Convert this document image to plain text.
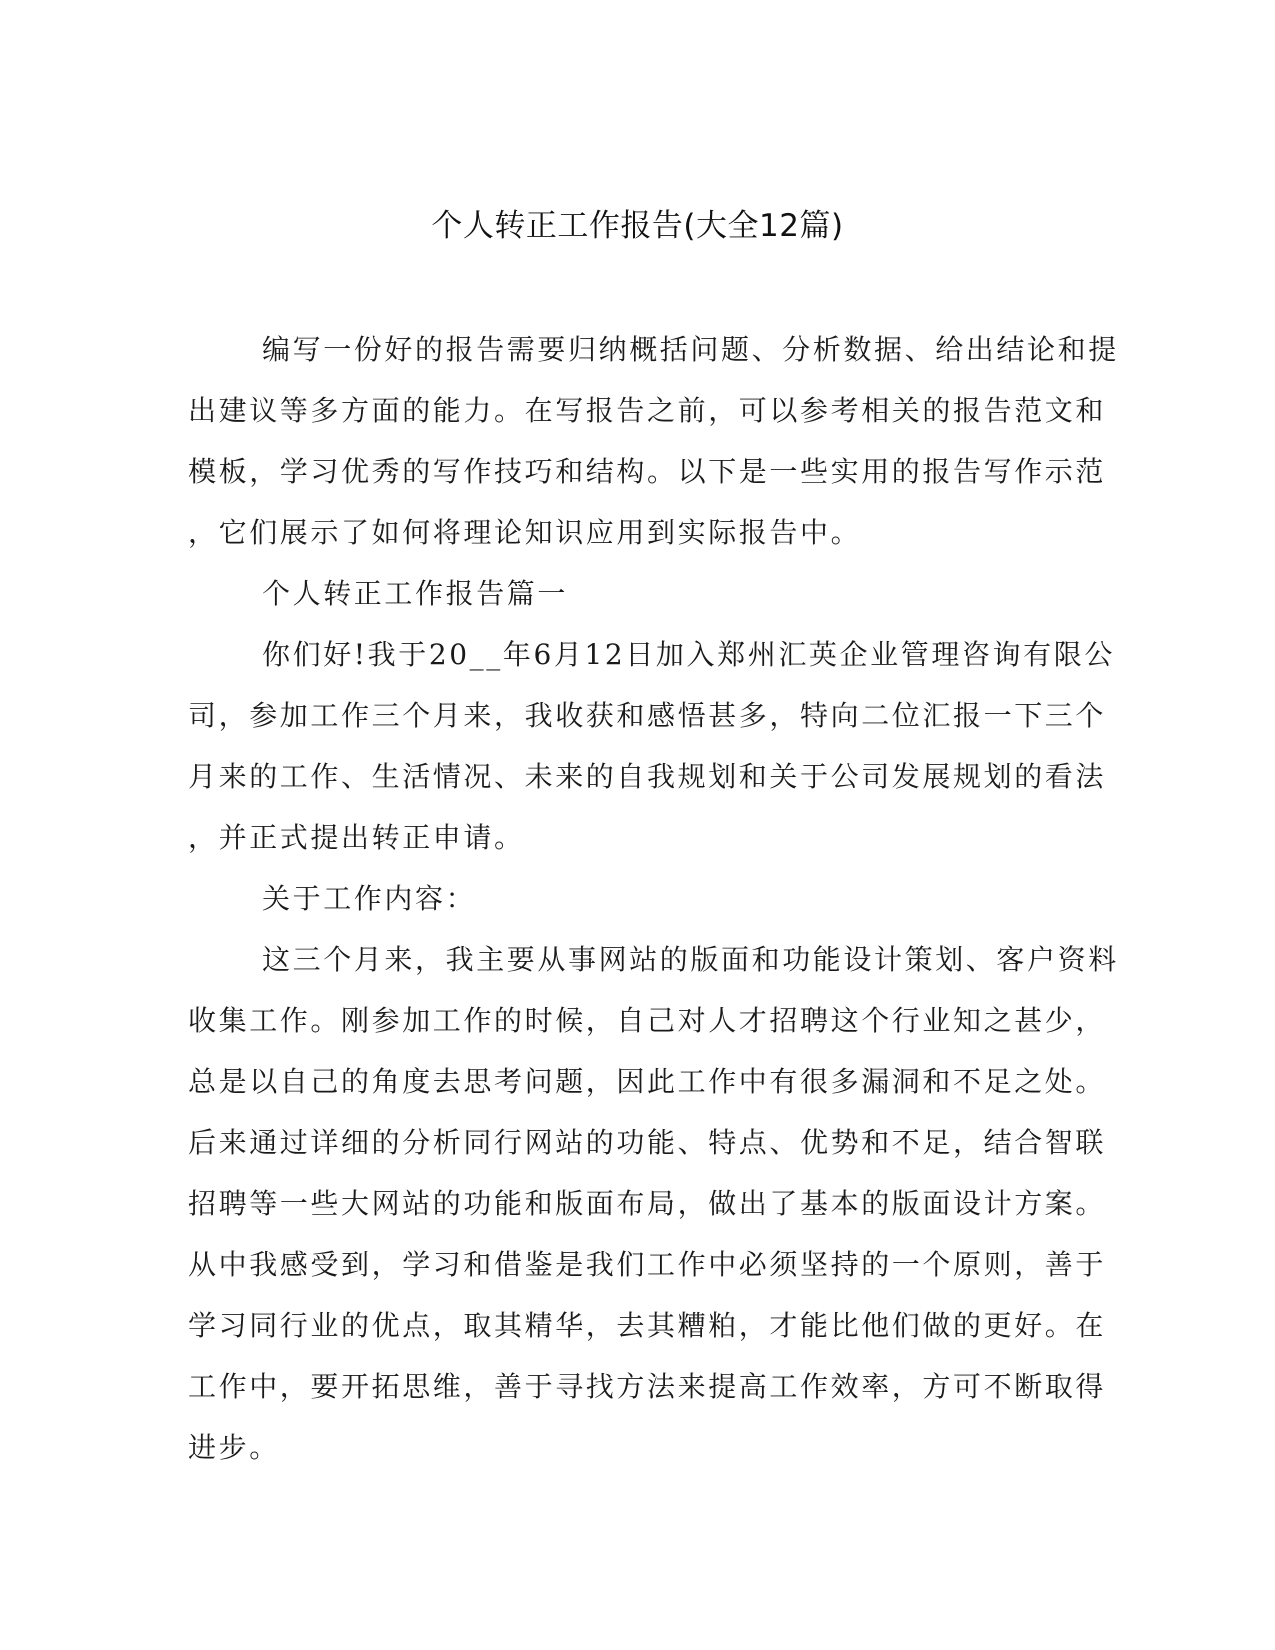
个人转正工作报告(大全12篇)
编写一份好的报告需要归纳概括问题、分析数据、给出结论和提
出建议等多方面的能力。在写报告之前，可以参考相关的报告范文和
模板，学习优秀的写作技巧和结构。以下是一些实用的报告写作示范
，它们展示了如何将理论知识应用到实际报告中。
个人转正工作报告篇一
你们好!我于20__年6月12日加入郑州汇英企业管理咨询有限公
司，参加工作三个月来，我收获和感悟甚多，特向二位汇报一下三个
月来的工作、生活情况、未来的自我规划和关于公司发展规划的看法
，并正式提出转正申请。
关于工作内容：
这三个月来，我主要从事网站的版面和功能设计策划、客户资料
收集工作。刚参加工作的时候，自己对人才招聘这个行业知之甚少，
总是以自己的角度去思考问题，因此工作中有很多漏洞和不足之处。
后来通过详细的分析同行网站的功能、特点、优势和不足，结合智联
招聘等一些大网站的功能和版面布局，做出了基本的版面设计方案。
从中我感受到，学习和借鉴是我们工作中必须坚持的一个原则，善于
学习同行业的优点，取其精华，去其糟粕，才能比他们做的更好。在
工作中，要开拓思维，善于寻找方法来提高工作效率，方可不断取得
进步。
